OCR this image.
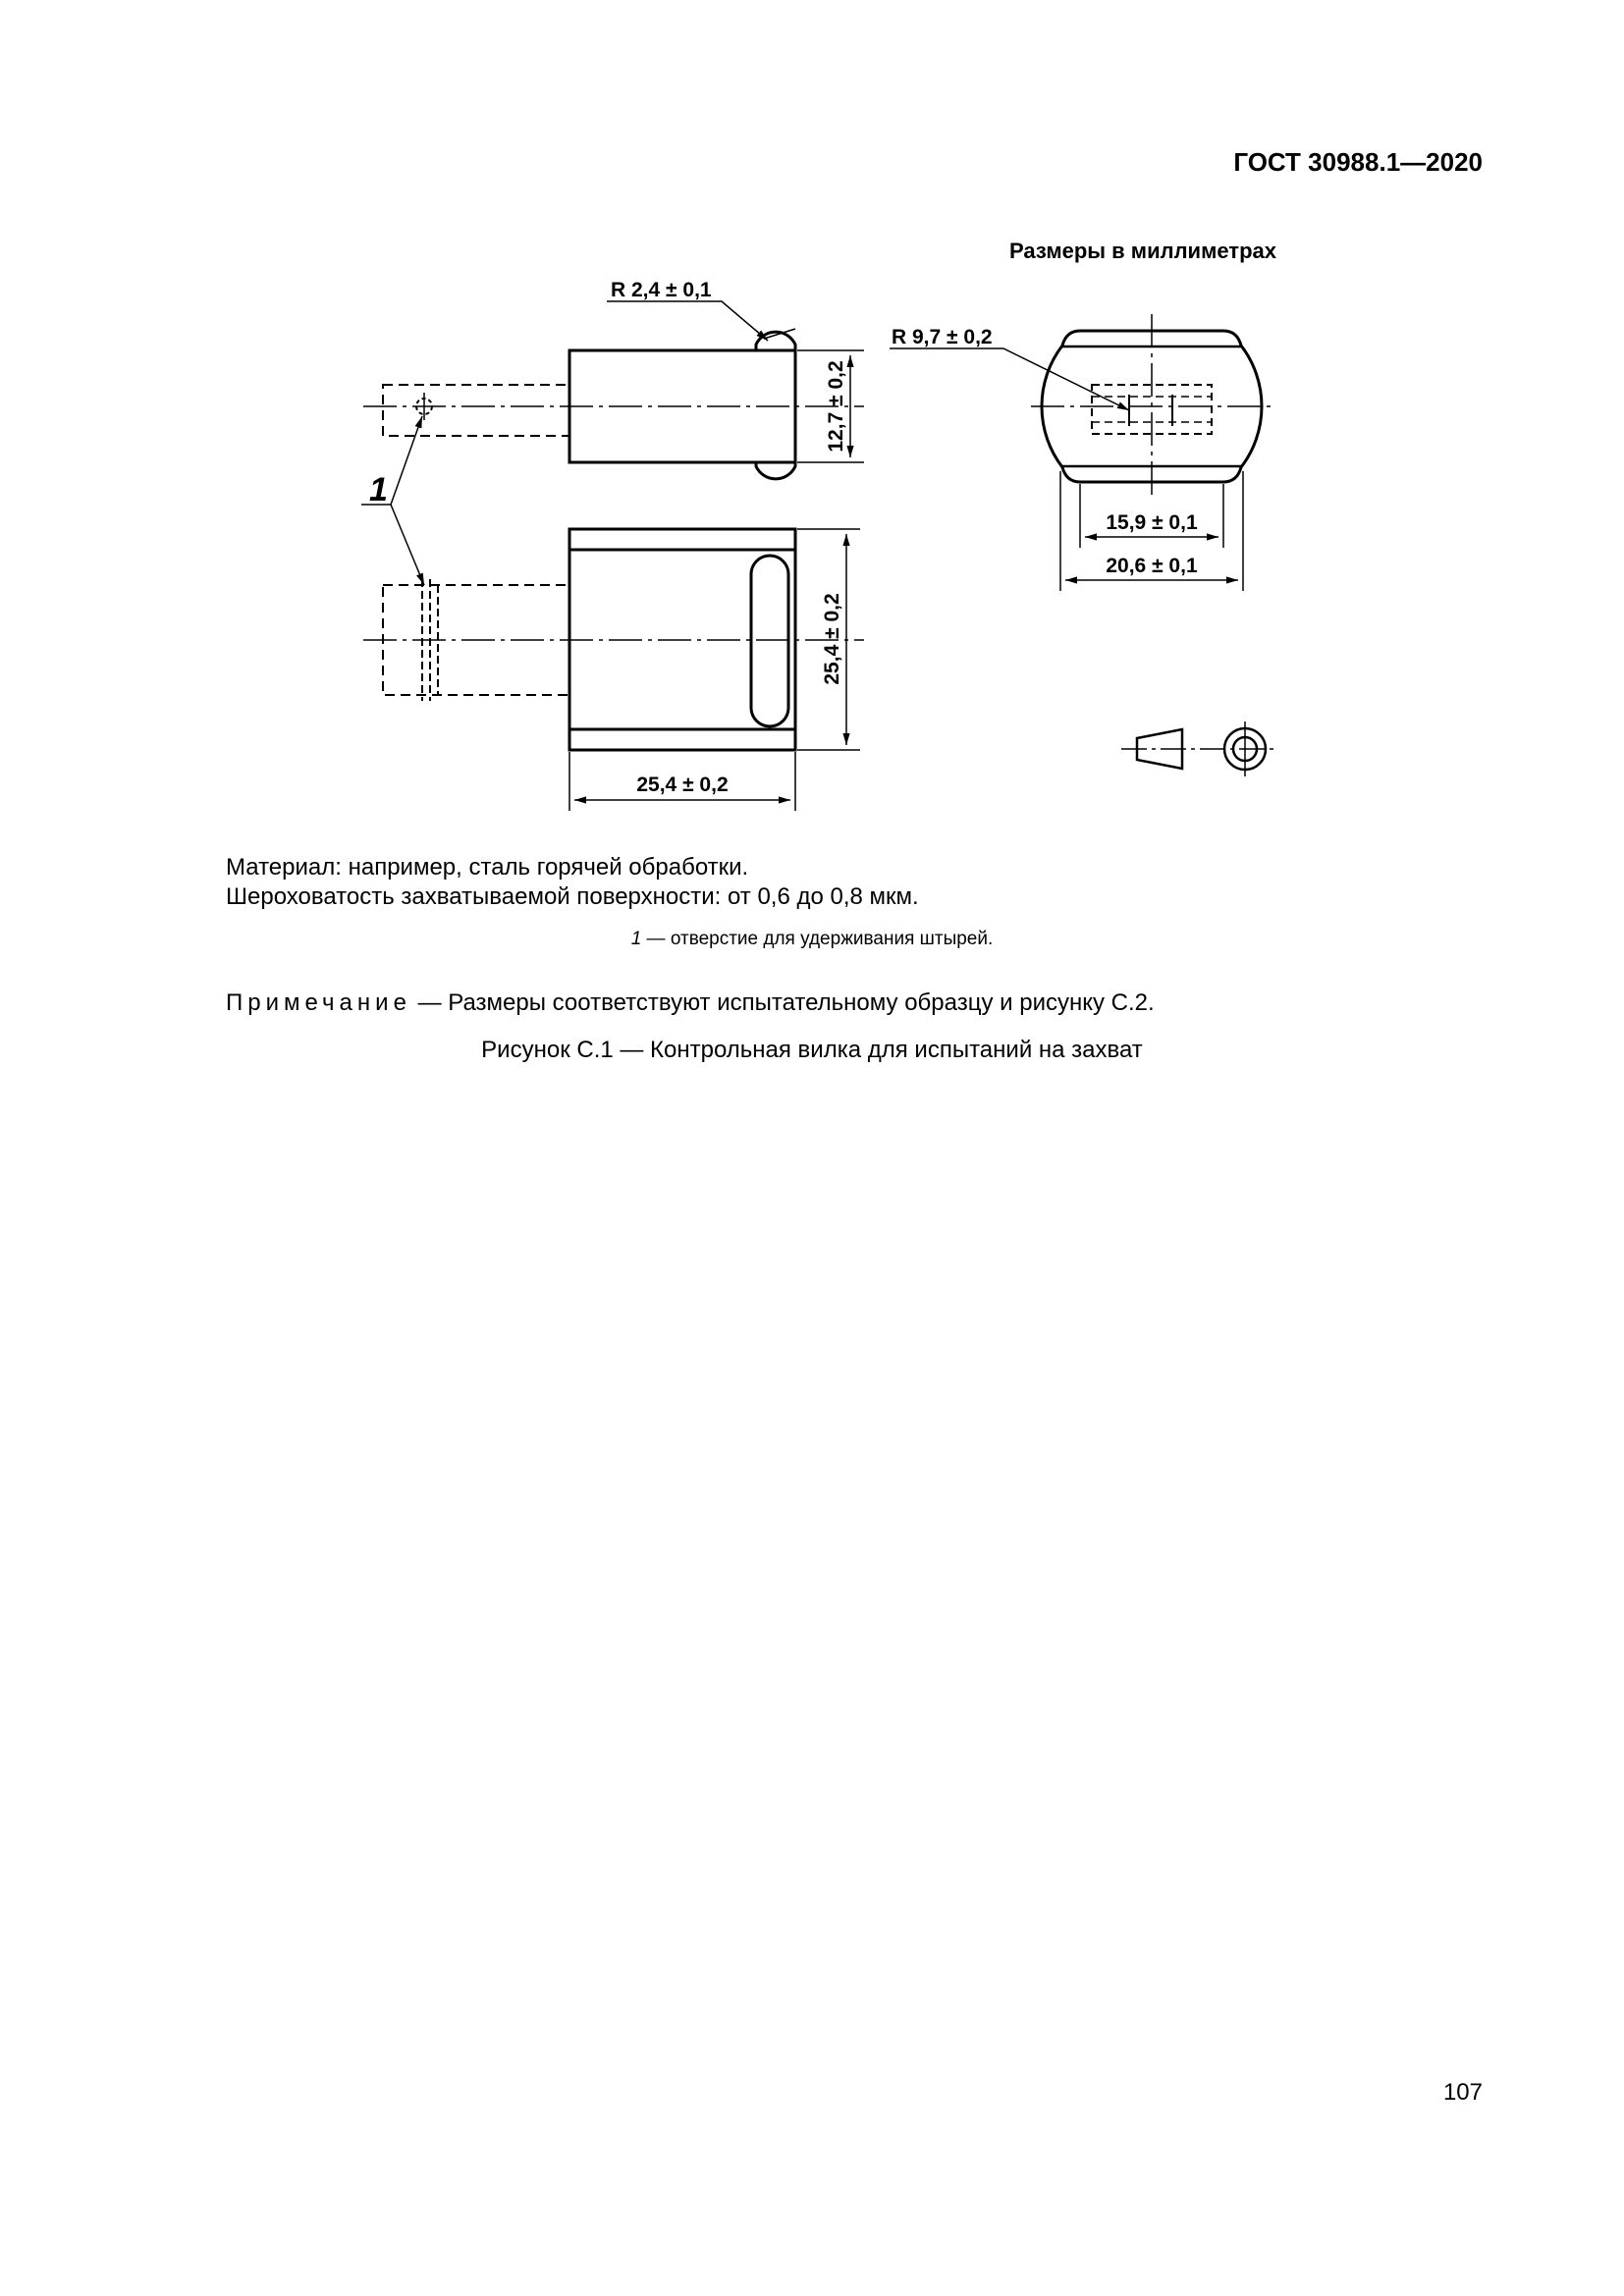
ГОСТ 30988.1—2020
Размеры в миллиметрах
R 2,4 ± 0,1
12,7 ± 0,2
25,4 ± 0,2
25,4 ± 0,2
R 9,7 ± 0,2
15,9 ± 0,1
20,6 ± 0,1
1
Материал: например, сталь горячей обработки.
Шероховатость захватываемой поверхности: от 0,6 до 0,8 мкм.
1 — отверстие для удерживания штырей.
Примечание — Размеры соответствуют испытательному образцу и рисунку С.2.
Рисунок С.1 — Контрольная вилка для испытаний на захват
107
